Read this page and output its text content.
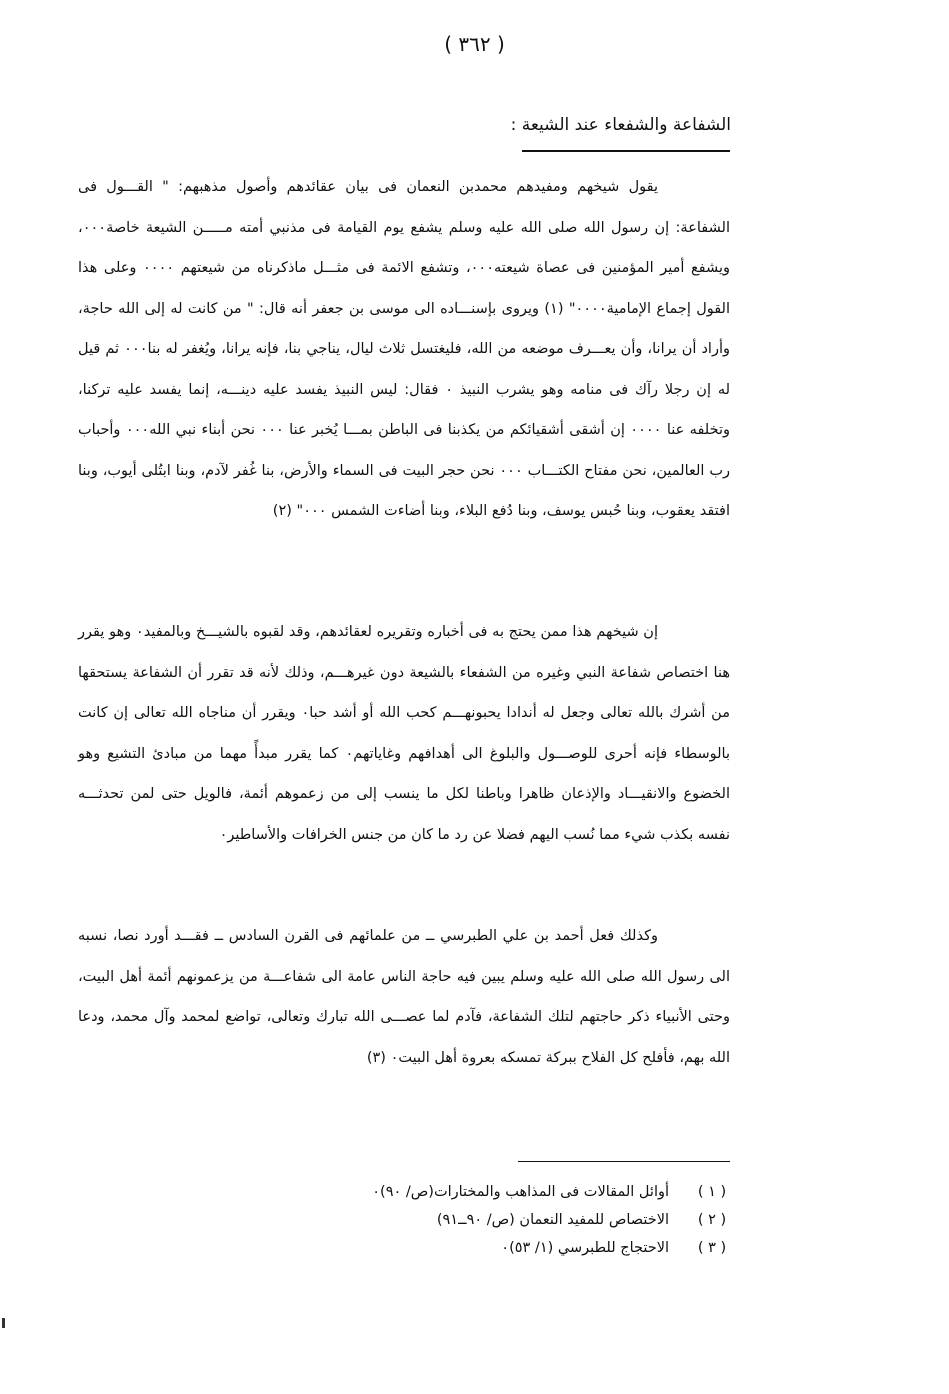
( ٣٦٢ )
الشفاعة والشفعاء عند الشيعة :

يقول شيخهم ومفيدهم محمدبن النعمان فى بيان عقائدهم وأصول مذهبهم: " القـــول فى الشفاعة: إن رسول الله صلى الله عليه وسلم يشفع يوم القيامة فى مذنبي أمته مـــــن الشيعة خاصة٠٠٠، ويشفع أمير المؤمنين فى عصاة شيعته٠٠٠، وتشفع الائمة فى مثـــل ماذكرناه من شيعتهم ٠٠٠٠ وعلى هذا القول إجماع الإمامية٠٠٠٠" (١) ويروى بإسنـــاده الى موسى بن جعفر أنه قال: " من كانت له إلى الله حاجة، وأراد أن يرانا، وأن يعـــرف موضعه من الله، فليغتسل ثلاث ليال، يناجي بنا، فإنه يرانا، ويُغفر له بنا٠٠٠ ثم قيل له إن رجلا رآك فى منامه وهو يشرب النبيذ ٠ فقال: ليس النبيذ يفسد عليه دينـــه، إنما يفسد عليه تركنا، وتخلفه عنا ٠٠٠٠ إن أشقى أشقيائكم من يكذبنا فى الباطن بمـــا يُخبر عنا ٠٠٠ نحن أبناء نبي الله٠٠٠ وأحباب رب العالمين، نحن مفتاح الكتـــاب ٠٠٠ نحن حجر البيت فى السماء والأرض، بنا غُفر لآدم، وبنا ابتُلى أيوب، وبنا افتقد يعقوب، وبنا حُبس يوسف، وبنا دُفع البلاء، وبنا أضاءت الشمس ٠٠٠" (٢)

إن شيخهم هذا ممن يحتج به فى أخباره وتقريره لعقائدهم، وقد لقبوه بالشيـــخ وبالمفيد٠ وهو يقرر هنا اختصاص شفاعة النبي وغيره من الشفعاء بالشيعة دون غيرهـــم، وذلك لأنه قد تقرر أن الشفاعة يستحقها من أشرك بالله تعالى وجعل له أندادا يحبونهـــم كحب الله أو أشد حبا٠ ويقرر أن مناجاه الله تعالى إن كانت بالوسطاء فإنه أحرى للوصـــول والبلوغ الى أهدافهم وغاياتهم٠ كما يقرر مبدأً مهما من مبادئ التشيع وهو الخضوع والانقيـــاد والإذعان ظاهرا وباطنا لكل ما ينسب إلى من زعموهم أئمة، فالويل حتى لمن تحدثـــه نفسه بكذب شيء مما نُسب اليهم فضلا عن رد ما كان من جنس الخرافات والأساطير٠

وكذلك فعل أحمد بن علي الطبرسي ــ من علمائهم فى القرن السادس ــ فقـــد أورد نصا، نسبه الى رسول الله صلى الله عليه وسلم يبين فيه حاجة الناس عامة الى شفاعـــة من يزعمونهم أئمة أهل البيت، وحتى الأنبياء ذكر حاجتهم لتلك الشفاعة، فآدم لما عصـــى الله تبارك وتعالى، تواضع لمحمد وآل محمد، ودعا الله بهم، فأفلح كل الفلاح ببركة تمسكه بعروة أهل البيت٠ (٣)

( ١ )
أوائل المقالات فى المذاهب والمختارات(ص/ ٩٠)٠
( ٢ )
الاختصاص للمفيد النعمان (ص/ ٩٠ــ٩١)
( ٣ )
الاحتجاج للطبرسي (١/ ٥٣)٠
